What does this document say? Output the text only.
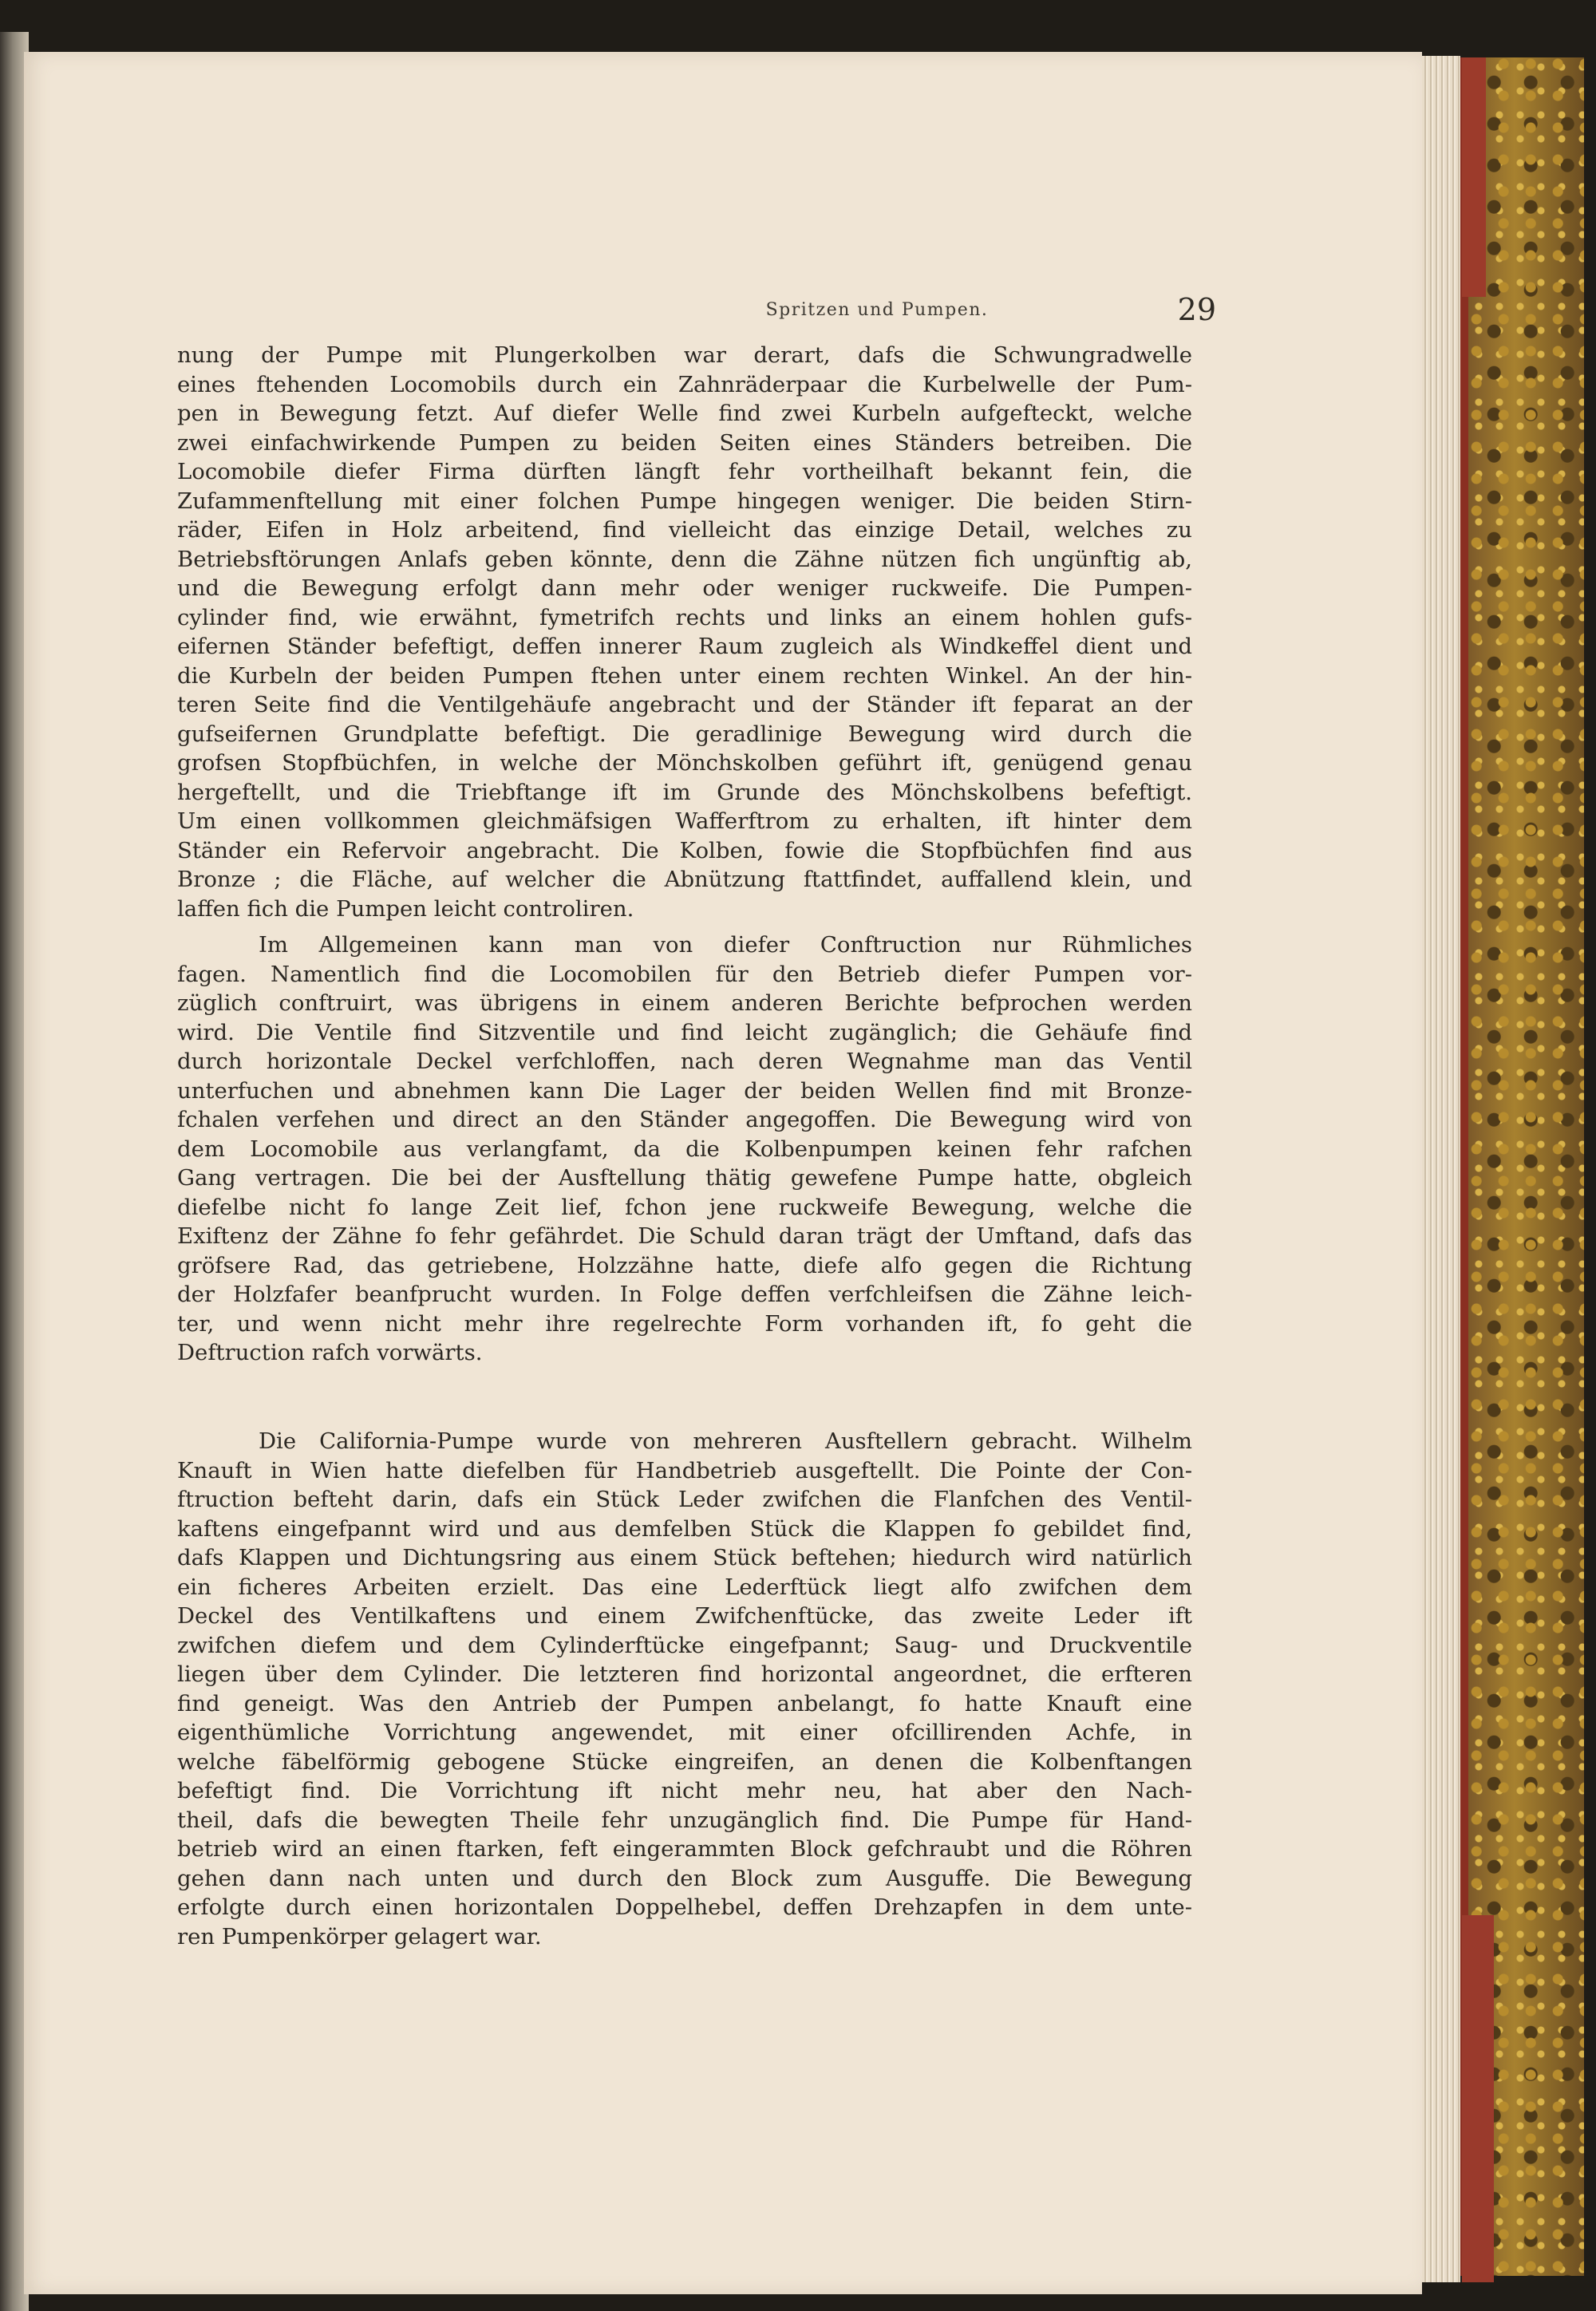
Spritzen und Pumpen.	29
nung der Pumpe mit Plungerkolben war derart, dafs die Schwungradwelle
eines ftehenden Locomobils durch ein Zahnräderpaar die Kurbelwelle der Pum-
pen in Bewegung fetzt. Auf diefer Welle find zwei Kurbeln aufgefteckt, welche
zwei einfachwirkende Pumpen zu beiden Seiten eines Ständers betreiben. Die
Locomobile diefer Firma dürften längft fehr vortheilhaft bekannt fein, die
Zufammenftellung mit einer folchen Pumpe hingegen weniger. Die beiden Stirn-
räder, Eifen in Holz arbeitend, find vielleicht das einzige Detail, welches zu
Betriebsftörungen Anlafs geben könnte, denn die Zähne nützen fich ungünftig ab,
und die Bewegung erfolgt dann mehr oder weniger ruckweife. Die Pumpen-
cylinder find, wie erwähnt, fymetrifch rechts und links an einem hohlen gufs-
eifernen Ständer befeftigt, deffen innerer Raum zugleich als Windkeffel dient und
die Kurbeln der beiden Pumpen ftehen unter einem rechten Winkel. An der hin-
teren Seite find die Ventilgehäufe angebracht und der Ständer ift feparat an der
gufseifernen Grundplatte befeftigt. Die geradlinige Bewegung wird durch die
grofsen Stopfbüchfen, in welche der Mönchskolben geführt ift, genügend genau
hergeftellt, und die Triebftange ift im Grunde des Mönchskolbens befeftigt.
Um einen vollkommen gleichmäfsigen Wafferftrom zu erhalten, ift hinter dem
Ständer ein Refervoir angebracht. Die Kolben, fowie die Stopfbüchfen find aus
Bronze ; die Fläche, auf welcher die Abnützung ftattfindet, auffallend klein, und
laffen fich die Pumpen leicht controliren.
Im Allgemeinen kann man von diefer Conftruction nur Rühmliches
fagen. Namentlich find die Locomobilen für den Betrieb diefer Pumpen vor-
züglich conftruirt, was übrigens in einem anderen Berichte befprochen werden
wird. Die Ventile find Sitzventile und find leicht zugänglich; die Gehäufe find
durch horizontale Deckel verfchloffen, nach deren Wegnahme man das Ventil
unterfuchen und abnehmen kann Die Lager der beiden Wellen find mit Bronze-
fchalen verfehen und direct an den Ständer angegoffen. Die Bewegung wird von
dem Locomobile aus verlangfamt, da die Kolbenpumpen keinen fehr rafchen
Gang vertragen. Die bei der Ausftellung thätig gewefene Pumpe hatte, obgleich
diefelbe nicht fo lange Zeit lief, fchon jene ruckweife Bewegung, welche die
Exiftenz der Zähne fo fehr gefährdet. Die Schuld daran trägt der Umftand, dafs das
gröfsere Rad, das getriebene, Holzzähne hatte, diefe alfo gegen die Richtung
der Holzfafer beanfprucht wurden. In Folge deffen verfchleifsen die Zähne leich-
ter, und wenn nicht mehr ihre regelrechte Form vorhanden ift, fo geht die
Deftruction rafch vorwärts.
Die California-Pumpe wurde von mehreren Ausftellern gebracht. Wilhelm
Knauft in Wien hatte diefelben für Handbetrieb ausgeftellt. Die Pointe der Con-
ftruction befteht darin, dafs ein Stück Leder zwifchen die Flanfchen des Ventil-
kaftens eingefpannt wird und aus demfelben Stück die Klappen fo gebildet find,
dafs Klappen und Dichtungsring aus einem Stück beftehen; hiedurch wird natürlich
ein ficheres Arbeiten erzielt. Das eine Lederftück liegt alfo zwifchen dem
Deckel des Ventilkaftens und einem Zwifchenftücke, das zweite Leder ift
zwifchen diefem und dem Cylinderftücke eingefpannt; Saug- und Druckventile
liegen über dem Cylinder. Die letzteren find horizontal angeordnet, die erfteren
find geneigt. Was den Antrieb der Pumpen anbelangt, fo hatte Knauft eine
eigenthümliche Vorrichtung angewendet, mit einer ofcillirenden Achfe, in
welche fäbelförmig gebogene Stücke eingreifen, an denen die Kolbenftangen
befeftigt find. Die Vorrichtung ift nicht mehr neu, hat aber den Nach-
theil, dafs die bewegten Theile fehr unzugänglich find. Die Pumpe für Hand-
betrieb wird an einen ftarken, feft eingerammten Block gefchraubt und die Röhren
gehen dann nach unten und durch den Block zum Ausguffe. Die Bewegung
erfolgte durch einen horizontalen Doppelhebel, deffen Drehzapfen in dem unte-
ren Pumpenkörper gelagert war.
